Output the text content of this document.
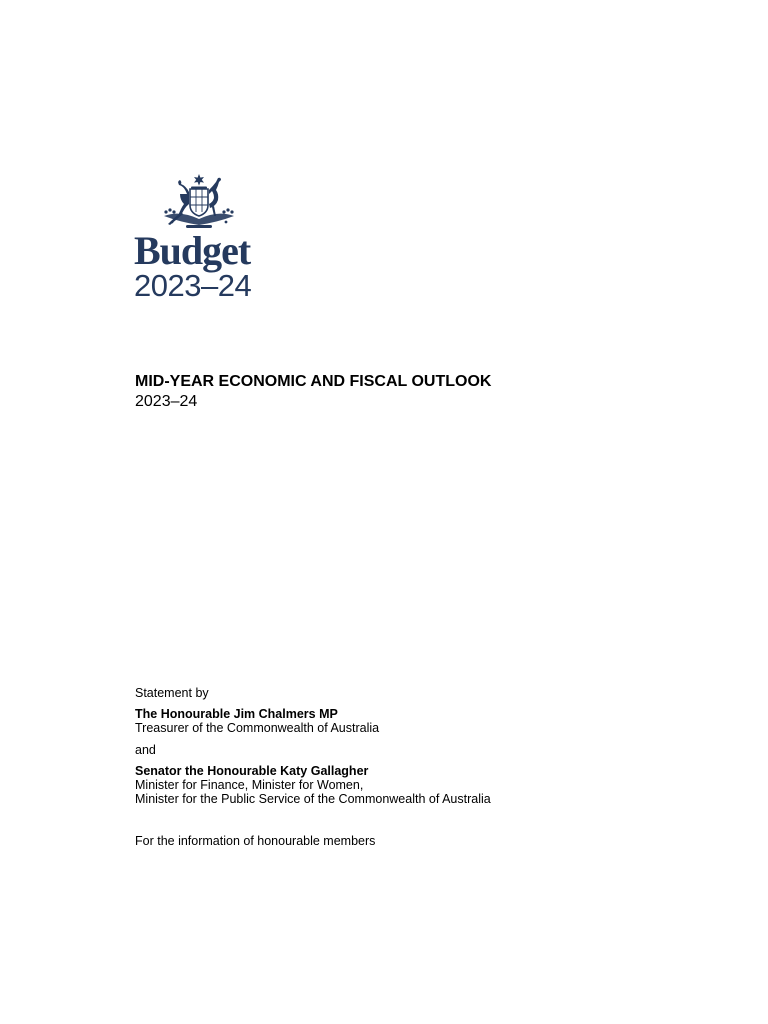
Budget
2023–24
MID-YEAR ECONOMIC AND FISCAL OUTLOOK
2023–24
Statement by
The Honourable Jim Chalmers MP
Treasurer of the Commonwealth of Australia
and
Senator the Honourable Katy Gallagher
Minister for Finance, Minister for Women,
Minister for the Public Service of the Commonwealth of Australia
For the information of honourable members
